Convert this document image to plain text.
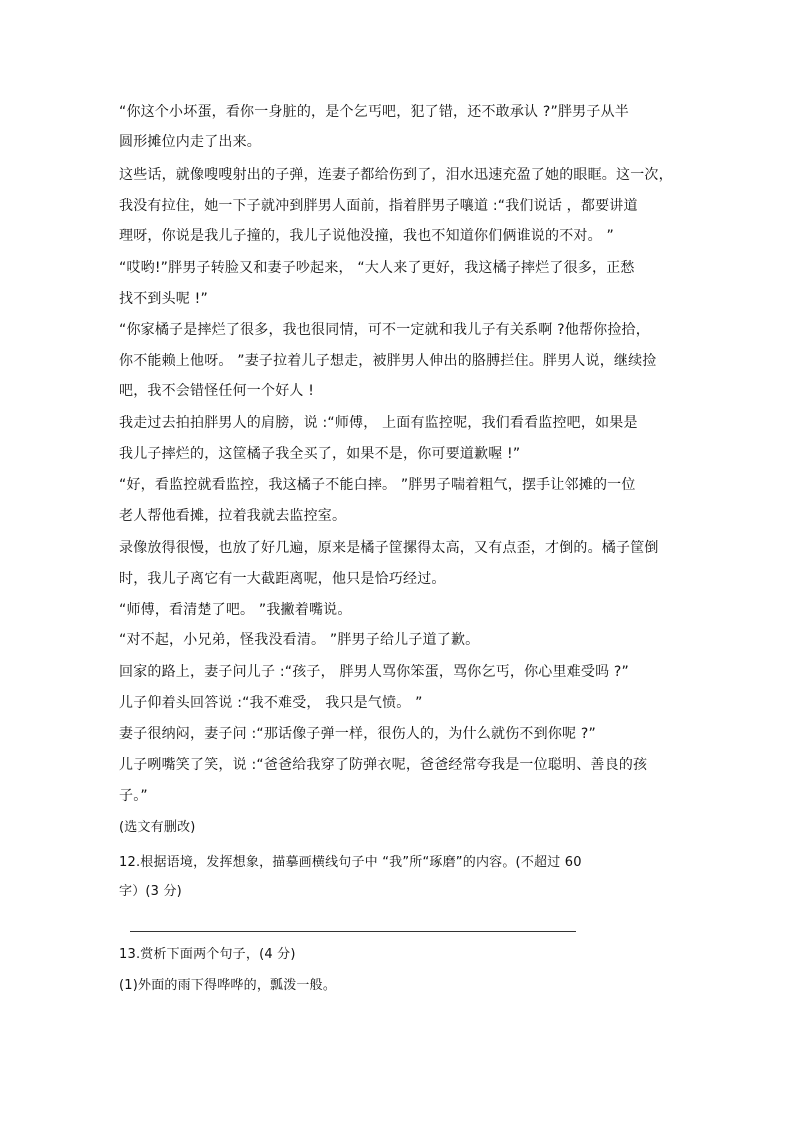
“你这个小坏蛋，看你一身脏的，是个乞丐吧，犯了错，还不敢承认 ?”胖男子从半
圆形摊位内走了出来。
这些话，就像嗖嗖射出的子弹，连妻子都给伤到了，泪水迅速充盈了她的眼眶。这一次，
我没有拉住，她一下子就冲到胖男人面前，指着胖男子嚷道 :“我们说话 ，都要讲道
理呀，你说是我儿子撞的，我儿子说他没撞，我也不知道你们俩谁说的不对。 ”
“哎哟!”胖男子转脸又和妻子吵起来， “大人来了更好，我这橘子摔烂了很多，正愁
找不到头呢 !”
“你家橘子是摔烂了很多，我也很同情，可不一定就和我儿子有关系啊 ?他帮你捡拾，
你不能赖上他呀。 ”妻子拉着儿子想走，被胖男人伸出的胳膊拦住。胖男人说，继续捡
吧，我不会错怪任何一个好人 !
我走过去拍拍胖男人的肩膀，说 :“师傅， 上面有监控呢，我们看看监控吧，如果是
我儿子摔烂的，这筐橘子我全买了，如果不是，你可要道歉喔 !”
“好，看监控就看监控，我这橘子不能白摔。 ”胖男子喘着粗气，摆手让邻摊的一位
老人帮他看摊，拉着我就去监控室。
录像放得很慢，也放了好几遍，原来是橘子筐摞得太高，又有点歪，才倒的。橘子筐倒
时，我儿子离它有一大截距离呢，他只是恰巧经过。
“师傅，看清楚了吧。 ”我撇着嘴说。
“对不起，小兄弟，怪我没看清。 ”胖男子给儿子道了歉。
回家的路上，妻子问儿子 :“孩子， 胖男人骂你笨蛋，骂你乞丐，你心里难受吗 ?”
儿子仰着头回答说 :“我不难受， 我只是气愤。 ”
妻子很纳闷，妻子问 :“那话像子弹一样，很伤人的，为什么就伤不到你呢 ?”
儿子咧嘴笑了笑，说 :“爸爸给我穿了防弹衣呢，爸爸经常夸我是一位聪明、善良的孩
子。”
(选文有删改)
12.根据语境，发挥想象，描摹画横线句子中 “我”所“琢磨”的内容。(不超过 60
字）(3 分)
13.赏析下面两个句子，(4 分)
(1)外面的雨下得哗哗的，瓢泼一般。
